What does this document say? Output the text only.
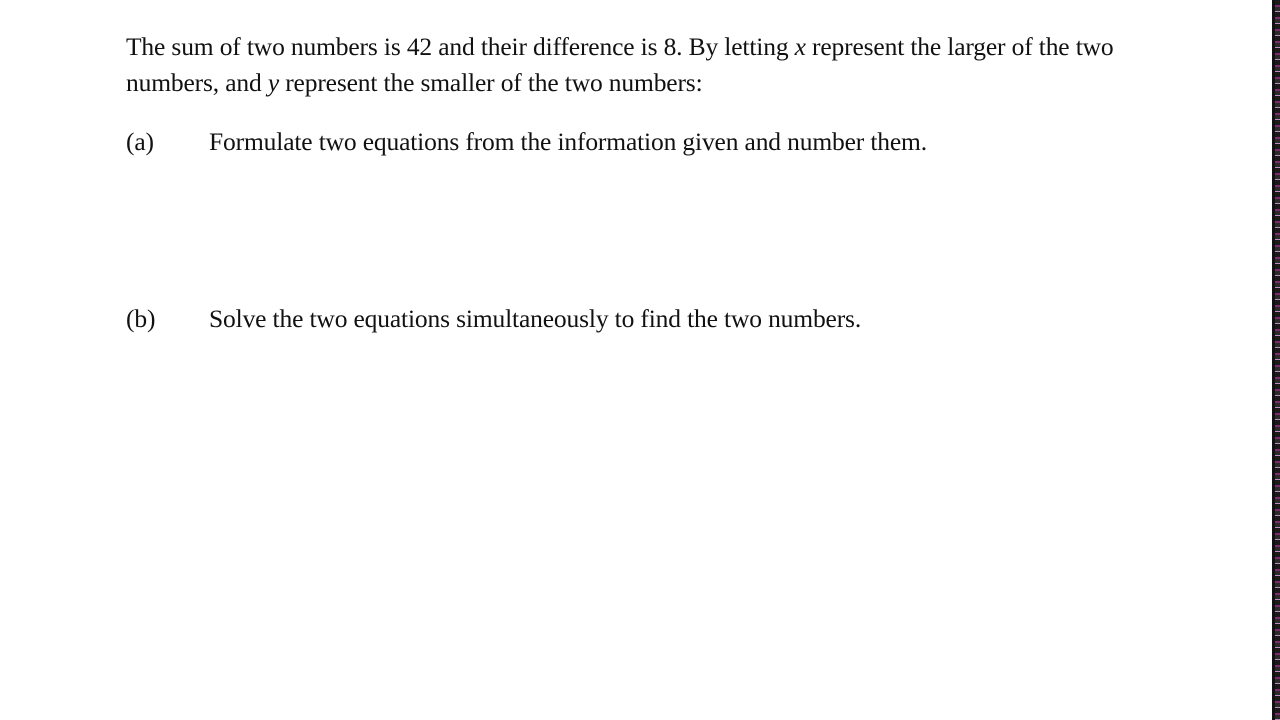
The sum of two numbers is 42 and their difference is 8. By letting x represent the larger of the two numbers, and y represent the smaller of the two numbers:

(a) Formulate two equations from the information given and number them.
(b) Solve the two equations simultaneously to find the two numbers.
